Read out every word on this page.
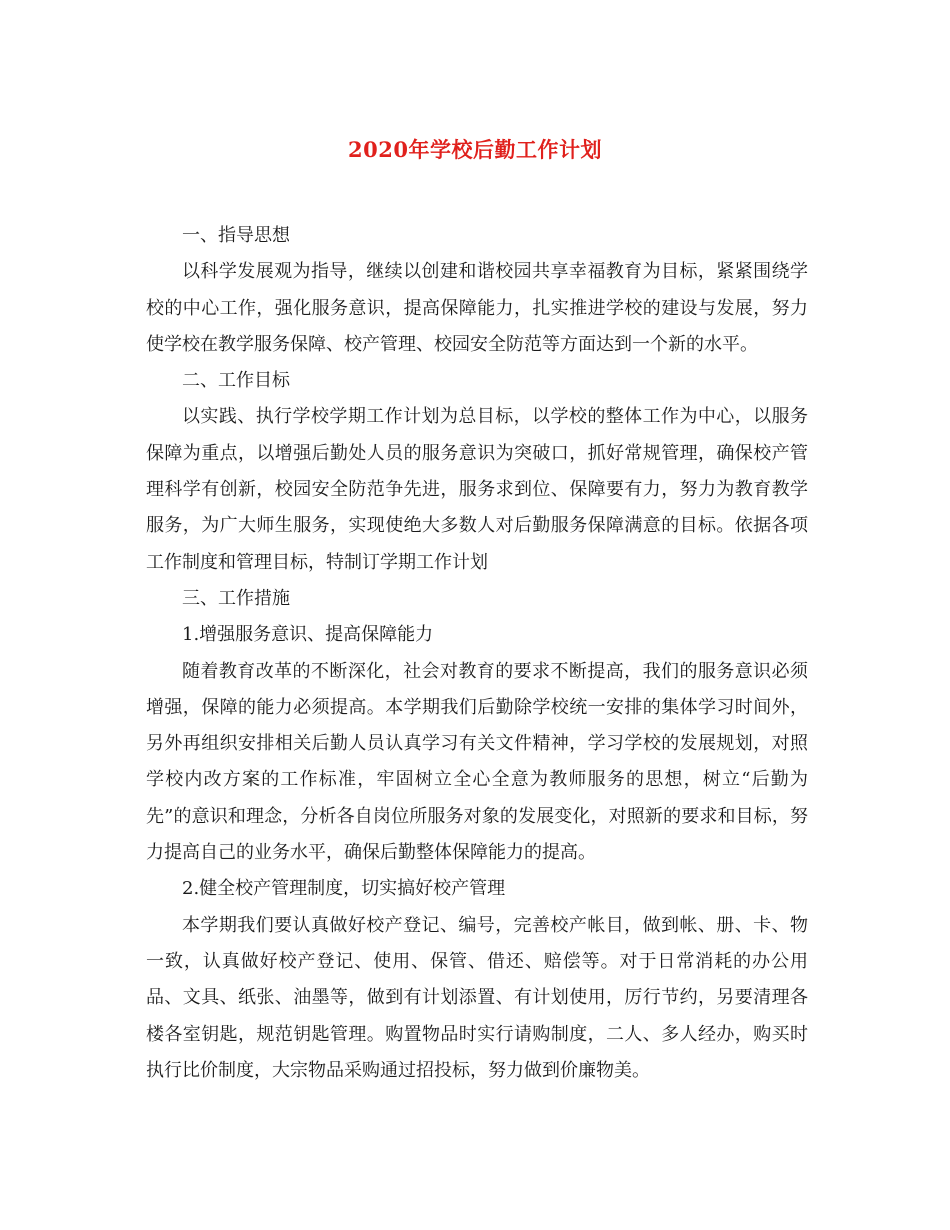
2020年学校后勤工作计划

一、指导思想

以科学发展观为指导，继续以创建和谐校园共享幸福教育为目标，紧紧围绕学校的中心工作，强化服务意识，提高保障能力，扎实推进学校的建设与发展，努力使学校在教学服务保障、校产管理、校园安全防范等方面达到一个新的水平。

二、工作目标

以实践、执行学校学期工作计划为总目标，以学校的整体工作为中心，以服务保障为重点，以增强后勤处人员的服务意识为突破口，抓好常规管理，确保校产管理科学有创新，校园安全防范争先进，服务求到位、保障要有力，努力为教育教学服务，为广大师生服务，实现使绝大多数人对后勤服务保障满意的目标。依据各项工作制度和管理目标，特制订学期工作计划

三、工作措施

1.增强服务意识、提高保障能力

随着教育改革的不断深化，社会对教育的要求不断提高，我们的服务意识必须增强，保障的能力必须提高。本学期我们后勤除学校统一安排的集体学习时间外，另外再组织安排相关后勤人员认真学习有关文件精神，学习学校的发展规划，对照学校内改方案的工作标准，牢固树立全心全意为教师服务的思想，树立“后勤为先”的意识和理念，分析各自岗位所服务对象的发展变化，对照新的要求和目标，努力提高自己的业务水平，确保后勤整体保障能力的提高。

2.健全校产管理制度，切实搞好校产管理

本学期我们要认真做好校产登记、编号，完善校产帐目，做到帐、册、卡、物一致，认真做好校产登记、使用、保管、借还、赔偿等。对于日常消耗的办公用品、文具、纸张、油墨等，做到有计划添置、有计划使用，厉行节约，另要清理各楼各室钥匙，规范钥匙管理。购置物品时实行请购制度，二人、多人经办，购买时执行比价制度，大宗物品采购通过招投标，努力做到价廉物美。
